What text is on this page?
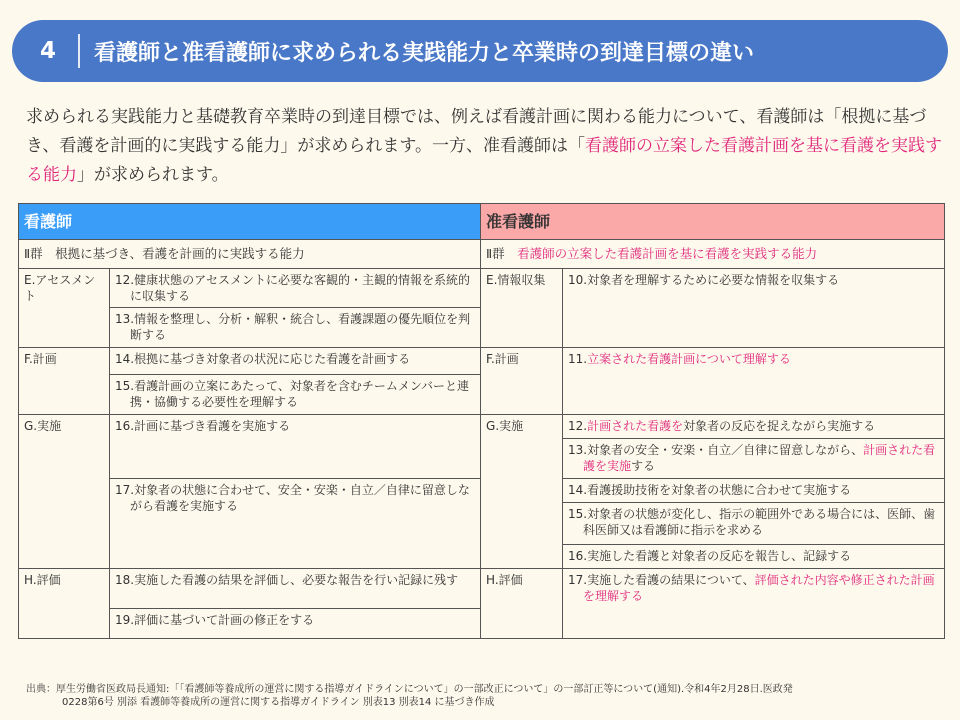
4	看護師と准看護師に求められる実践能力と卒業時の到達目標の違い
求められる実践能力と基礎教育卒業時の到達目標では、例えば看護計画に関わる能力について、看護師は「根拠に基づき、看護を計画的に実践する能力」が求められます。一方、准看護師は「看護師の立案した看護計画を基に看護を実践する能力」が求められます。
看護師		准看護師	
Ⅱ群　根拠に基づき、看護を計画的に実践する能力		Ⅱ群　看護師の立案した看護計画を基に看護を実践する能力	
E.アセスメント	12.健康状態のアセスメントに必要な客観的・主観的情報を系統的に収集する	E.情報収集	10.対象者を理解するために必要な情報を収集する
	13.情報を整理し、分析・解釈・統合し、看護課題の優先順位を判断する		
F.計画	14.根拠に基づき対象者の状況に応じた看護を計画する	F.計画	11.立案された看護計画について理解する
	15.看護計画の立案にあたって、対象者を含むチームメンバーと連携・協働する必要性を理解する		
G.実施	16.計画に基づき看護を実施する	G.実施	12.計画された看護を対象者の反応を捉えながら実施する
			13.対象者の安全・安楽・自立／自律に留意しながら、計画された看護を実施する
	17.対象者の状態に合わせて、安全・安楽・自立／自律に留意しながら看護を実施する		14.看護援助技術を対象者の状態に合わせて実施する
			15.対象者の状態が変化し、指示の範囲外である場合には、医師、歯科医師又は看護師に指示を求める
			16.実施した看護と対象者の反応を報告し、記録する
H.評価	18.実施した看護の結果を評価し、必要な報告を行い記録に残す	H.評価	17.実施した看護の結果について、評価された内容や修正された計画を理解する
	19.評価に基づいて計画の修正をする		
出典：厚生労働省医政局長通知:「「看護師等養成所の運営に関する指導ガイドラインについて」の一部改正について」の一部訂正等について(通知).令和4年2月28日.医政発
0228第6号 別添 看護師等養成所の運営に関する指導ガイドライン 別表13 別表14 に基づき作成
